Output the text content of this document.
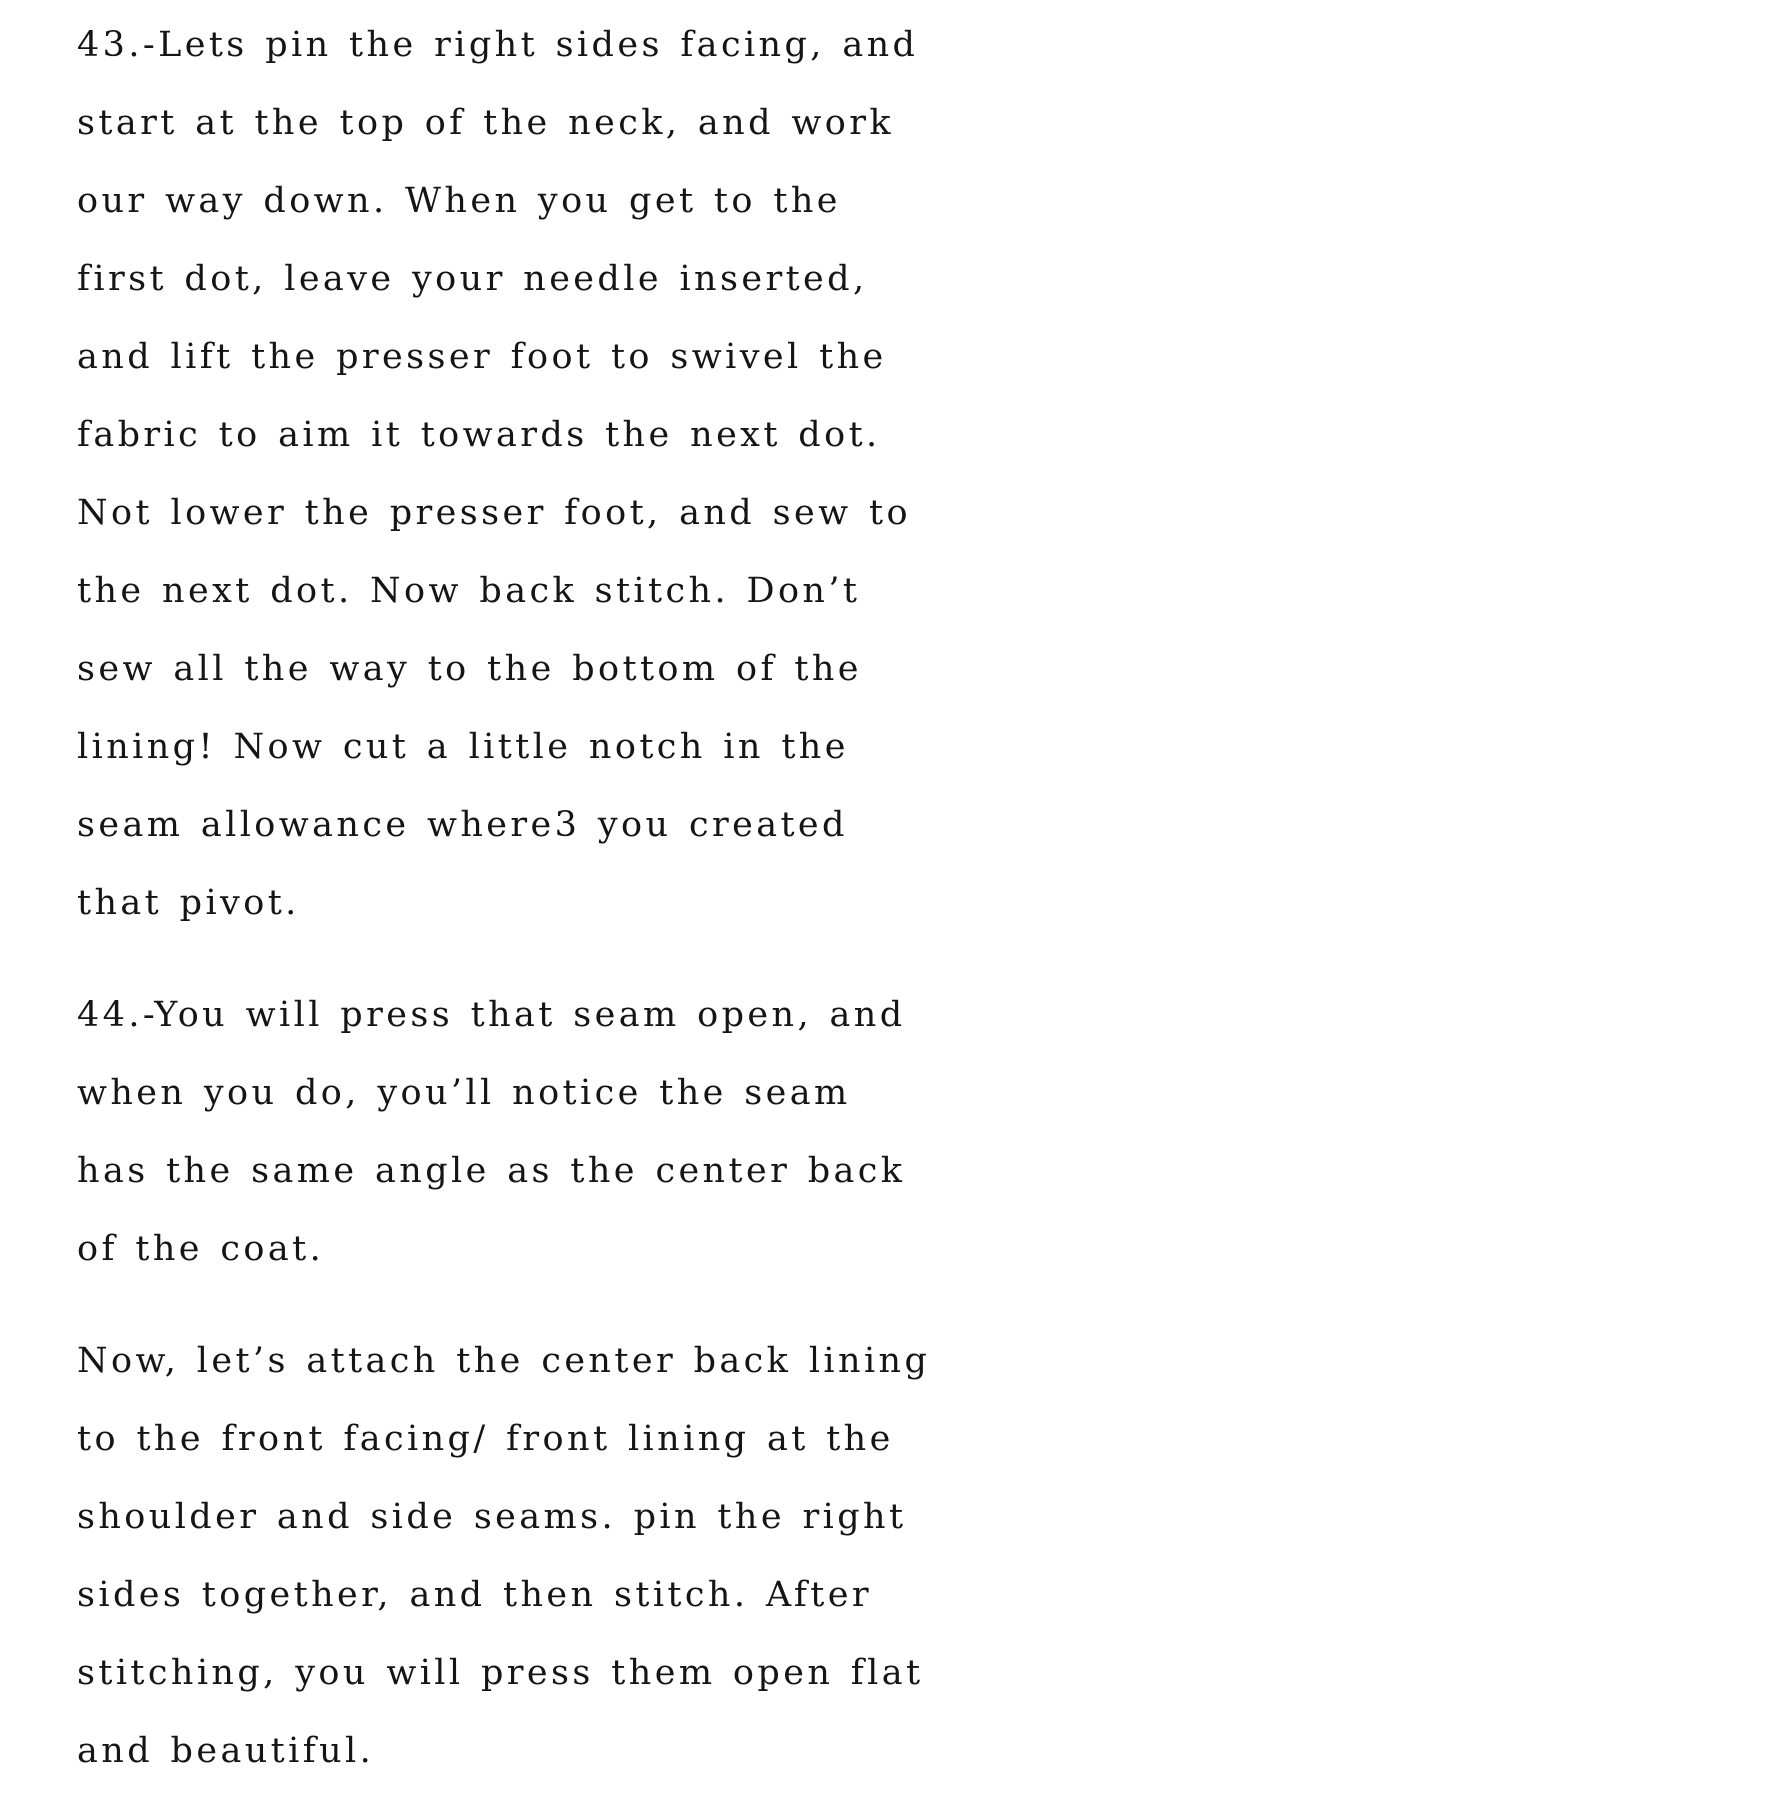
43.-Lets pin the right sides facing, and
start at the top of the neck, and work
our way down. When you get to the
first dot, leave your needle inserted,
and lift the presser foot to swivel the
fabric to aim it towards the next dot.
Not lower the presser foot, and sew to
the next dot. Now back stitch. Don’t
sew all the way to the bottom of the
lining! Now cut a little notch in the
seam allowance where3 you created
that pivot.
44.-You will press that seam open, and
when you do, you’ll notice the seam
has the same angle as the center back
of the coat.
Now, let’s attach the center back lining
to the front facing/ front lining at the
shoulder and side seams. pin the right
sides together, and then stitch. After
stitching, you will press them open flat
and beautiful.
